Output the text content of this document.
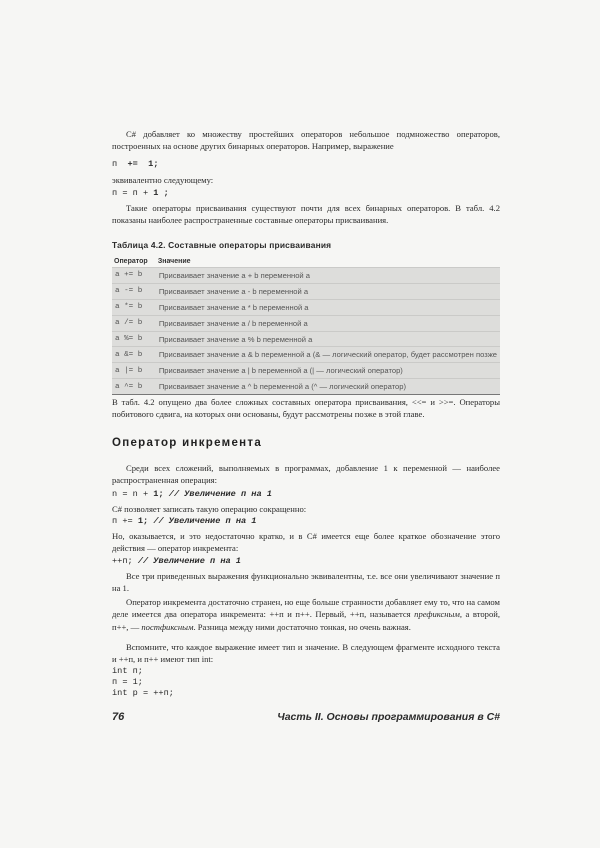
C# добавляет ко множеству простейших операторов небольшое подмножество операторов, построенных на основе других бинарных операторов. Например, выражение

п += 1;

эквивалентно следующему:

п = п + 1 ;

Такие операторы присваивания существуют почти для всех бинарных операторов. В табл. 4.2 показаны наиболее распространенные составные операторы присваивания.

Таблица 4.2. Составные операторы присваивания
Оператор	Значение
a += b	Присваивает значение a + b переменной a
a -= b	Присваивает значение a - b переменной a
a *= b	Присваивает значение a * b переменной a
a /= b	Присваивает значение a / b переменной a
a %= b	Присваивает значение a % b переменной a
a &= b	Присваивает значение a & b переменной a (& — логический оператор, будет рассмотрен позже
a |= b	Присваивает значение a | b переменной a (| — логический оператор)
a ^= b	Присваивает значение a ^ b переменной a (^ — логический оператор)

В табл. 4.2 опущено два более сложных составных оператора присваивания, <<= и >>=. Операторы побитового сдвига, на которых они основаны, будут рассмотрены позже в этой главе.

Оператор инкремента

Среди всех сложений, выполняемых в программах, добавление 1 к переменной — наиболее распространенная операция:

n = n + 1; // Увеличение п на 1

C# позволяет записать такую операцию сокращенно:

п += 1; // Увеличение п на 1

Но, оказывается, и это недостаточно кратко, и в C# имеется еще более краткое обозначение этого действия — оператор инкремента:

++п; // Увеличение п на 1

Все три приведенных выражения функционально эквивалентны, т.е. все они увеличивают значение п на 1.

Оператор инкремента достаточно странен, но еще больше странности добавляет ему то, что на самом деле имеется два оператора инкремента: ++п и п++. Первый, ++п, называется префиксным, а второй, п++, — постфиксным. Разница между ними достаточно тонкая, но очень важная.

Вспомните, что каждое выражение имеет тип и значение. В следующем фрагменте исходного текста и ++п, и п++ имеют тип int:

int п;
п = 1;
int p = ++п;
76	Часть II. Основы программирования в C#
